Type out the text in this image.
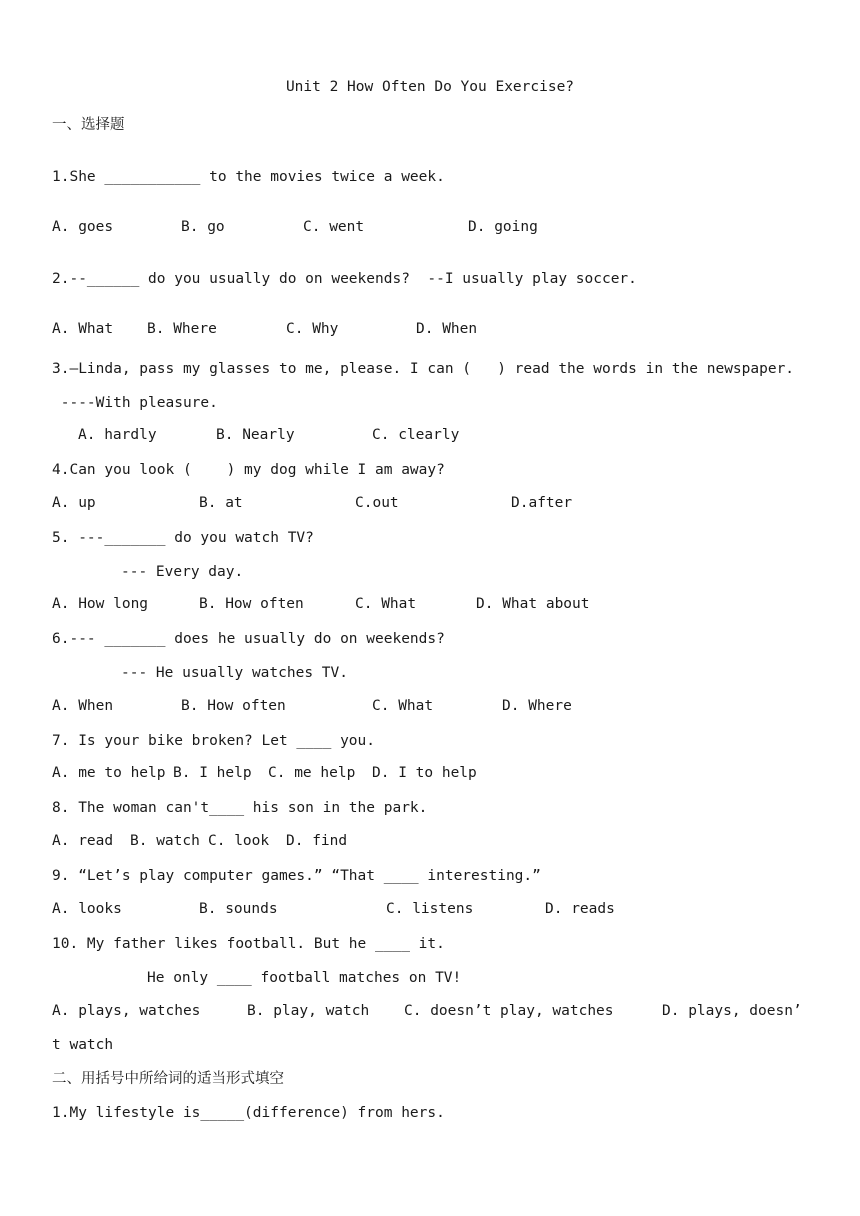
Unit 2 How Often Do You Exercise?
一、选择题
1.She ___________ to the movies twice a week.
A. goes	B. go	C. went	D. going
2.--______ do you usually do on weekends?  --I usually play soccer.
A. What B. Where	C. Why	D. When
3.—Linda, pass my glasses to me, please. I can (   ) read the words in the newspaper.
----With pleasure.
A. hardly	B. Nearly	C. clearly
4.Can you look (    ) my dog while I am away?
A. up	B. at	C.out	D.after
5. ---_______ do you watch TV?
--- Every day.
A. How long	B. How often	C. What	D. What about
6.--- _______ does he usually do on weekends?
--- He usually watches TV.
A. When	B. How often	C. What	D. Where
7. Is your bike broken? Let ____ you.
A. me to help B. I help C. me help D. I to help
8. The woman can't____ his son in the park.
A. read B. watch C. look D. find
9. “Let’s play computer games.” “That ____ interesting.”
A. looks	B. sounds	C. listens	D. reads
10. My father likes football. But he ____ it.
He only ____ football matches on TV!
A. plays, watches	B. play, watch C. doesn’t play, watches	D. plays, doesn’
t watch
二、用括号中所给词的适当形式填空
1.My lifestyle is_____(difference) from hers.
